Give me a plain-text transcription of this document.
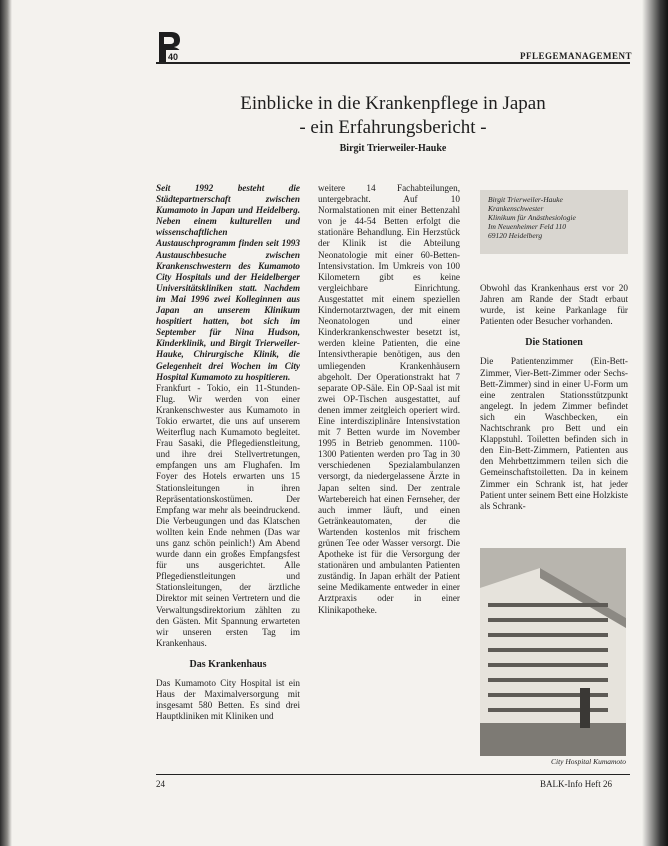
40	PFLEGEMANAGEMENT
Einblicke in die Krankenpflege in Japan
- ein Erfahrungsbericht -
Birgit Trierweiler-Hauke

Seit 1992 besteht die Städtepartnerschaft zwischen Kumamoto in Japan und Heidelberg. Neben einem kulturellen und wissenschaftlichen Austauschprogramm finden seit 1993 Austauschbesuche zwischen Krankenschwestern des Kumamoto City Hospitals und der Heidelberger Universitätskliniken statt. Nachdem im Mai 1996 zwei Kolleginnen aus Japan an unserem Klinikum hospitiert hatten, bot sich im September für Nina Hudson, Kinderklinik, und Birgit Trierweiler-Hauke, Chirurgische Klinik, die Gelegenheit drei Wochen im City Hospital Kumamoto zu hospitieren.

Frankfurt - Tokio, ein 11-Stunden-Flug. Wir werden von einer Krankenschwester aus Kumamoto in Tokio erwartet, die uns auf unserem Weiterflug nach Kumamoto begleitet. Frau Sasaki, die Pflegedienstleitung, und ihre drei Stellvertretungen, empfangen uns am Flughafen. Im Foyer des Hotels erwarten uns 15 Stationsleitungen in ihren Repräsentationskostümen. Der Empfang war mehr als beeindruckend. Die Verbeugungen und das Klatschen wollten kein Ende nehmen (Das war uns ganz schön peinlich!) Am Abend wurde dann ein großes Empfangsfest für uns ausgerichtet. Alle Pflegedienstleitungen und Stationsleitungen, der ärztliche Direktor mit seinen Vertretern und die Verwaltungsdirektorium zählten zu den Gästen. Mit Spannung erwarteten wir unseren ersten Tag im Krankenhaus.

Das Krankenhaus

Das Kumamoto City Hospital ist ein Haus der Maximalversorgung mit insgesamt 580 Betten. Es sind drei Hauptkliniken mit Kliniken und

weitere 14 Fachabteilungen, untergebracht. Auf 10 Normalstationen mit einer Bettenzahl von je 44-54 Betten erfolgt die stationäre Behandlung. Ein Herzstück der Klinik ist die Abteilung Neonatologie mit einer 60-Betten-Intensivstation. Im Umkreis von 100 Kilometern gibt es keine vergleichbare Einrichtung. Ausgestattet mit einem speziellen Kindernotarztwagen, der mit einem Neonatologen und einer Kinderkrankenschwester besetzt ist, werden kleine Patienten, die eine Intensivtherapie benötigen, aus den umliegenden Krankenhäusern abgeholt. Der Operationstrakt hat 7 separate OP-Säle. Ein OP-Saal ist mit zwei OP-Tischen ausgestattet, auf denen immer zeitgleich operiert wird. Eine interdisziplinäre Intensivstation mit 7 Betten wurde im November 1995 in Betrieb genommen. 1100-1300 Patienten werden pro Tag in 30 verschiedenen Spezialambulanzen versorgt, da niedergelassene Ärzte in Japan selten sind. Der zentrale Wartebereich hat einen Fernseher, der auch immer läuft, und einen Getränkeautomaten, der die Wartenden kostenlos mit frischem grünen Tee oder Wasser versorgt. Die Apotheke ist für die Versorgung der stationären und ambulanten Patienten zuständig. In Japan erhält der Patient seine Medikamente entweder in einer Arztpraxis oder in einer Klinikapotheke.

Birgit Trierweiler-Hauke
Krankenschwester
Klinikum für Anästhesiologie
Im Neuenheimer Feld 110
69120 Heidelberg

Obwohl das Krankenhaus erst vor 20 Jahren am Rande der Stadt erbaut wurde, ist keine Parkanlage für Patienten oder Besucher vorhanden.

Die Stationen

Die Patientenzimmer (Ein-Bett-Zimmer, Vier-Bett-Zimmer oder Sechs-Bett-Zimmer) sind in einer U-Form um eine zentralen Stationsstützpunkt angelegt. In jedem Zimmer befindet sich ein Waschbecken, ein Nachtschrank pro Bett und ein Klappstuhl. Toiletten befinden sich in den Ein-Bett-Zimmern, Patienten aus den Mehrbettzimmern teilen sich die Gemeinschaftstoiletten. Da in keinem Zimmer ein Schrank ist, hat jeder Patient unter seinem Bett eine Holzkiste als Schrank-

City Hospital Kumamoto
24	BALK-Info Heft 26
